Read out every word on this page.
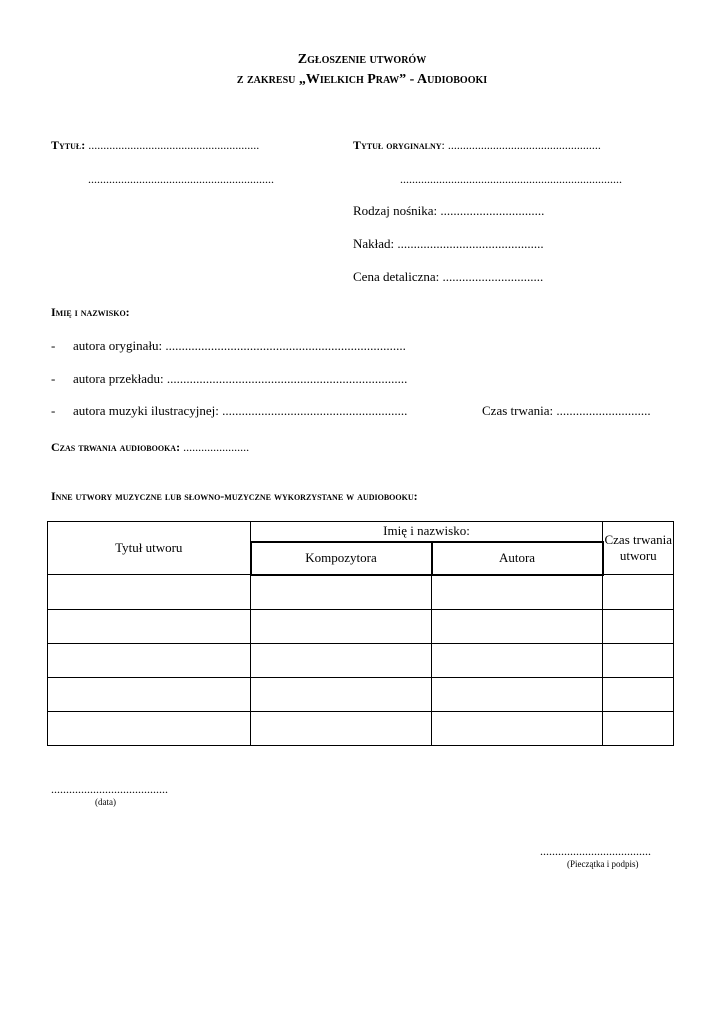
Zgłoszenie utworów
z zakresu „Wielkich Praw” - Audiobooki
Tytuł: .........................................................
..............................................................
Tytuł oryginalny: ...................................................
..........................................................................
Rodzaj nośnika: ................................
Nakład: .............................................
Cena detaliczna: ...............................
Imię i nazwisko:
- autora oryginału: ..........................................................................
- autora przekładu: ..........................................................................
- autora muzyki ilustracyjnej: .........................................................	Czas trwania: .............................
Czas trwania audiobooka: ......................
Inne utwory muzyczne lub słowno-muzyczne wykorzystane w audiobooku:
Tytuł utworu	Imię i nazwisko:		Czas trwania utworu
	Kompozytora	Autora	

.......................................
(data)
.....................................
(Pieczątka i podpis)
